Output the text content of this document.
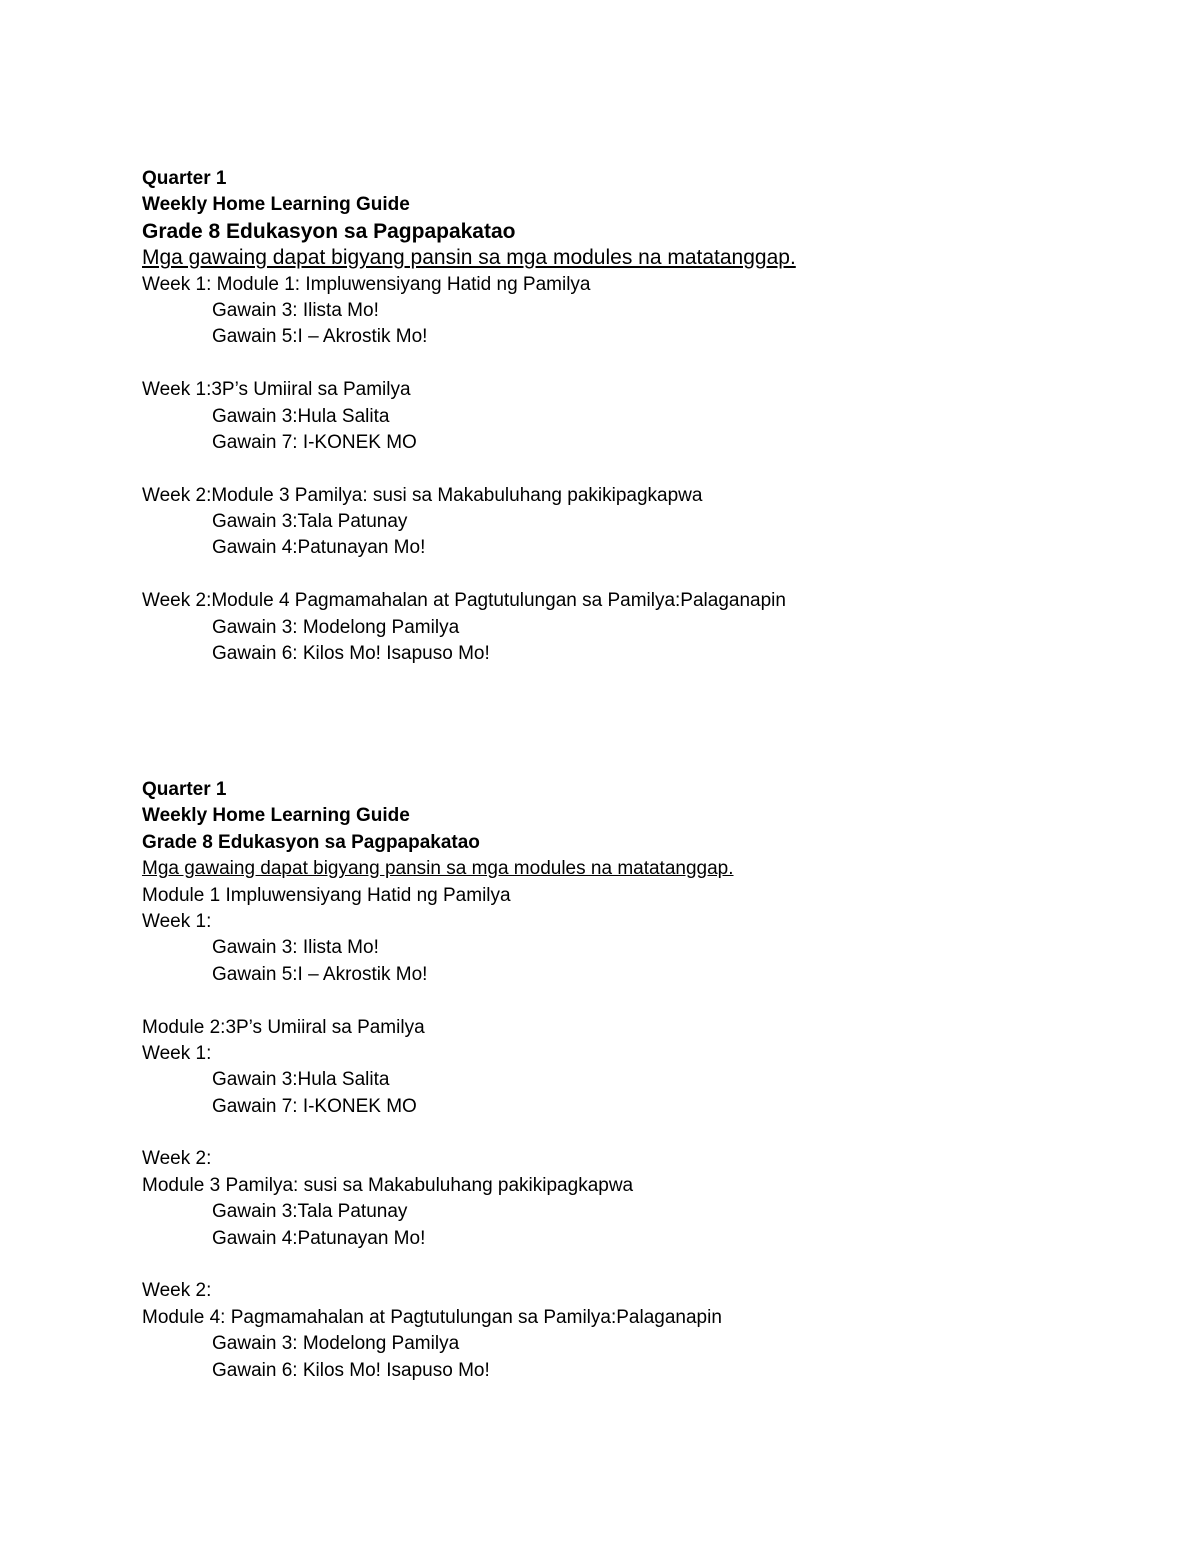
Quarter 1
Weekly Home Learning Guide
Grade 8 Edukasyon sa Pagpapakatao
Mga gawaing dapat bigyang pansin sa mga modules na matatanggap.
Week 1: Module 1: Impluwensiyang Hatid ng Pamilya
Gawain 3: Ilista Mo!
Gawain 5:I – Akrostik Mo!
Week 1:3P’s Umiiral sa Pamilya
Gawain 3:Hula Salita
Gawain 7: I-KONEK MO
Week 2:Module 3 Pamilya: susi sa Makabuluhang pakikipagkapwa
Gawain 3:Tala Patunay
Gawain 4:Patunayan Mo!
Week 2:Module 4 Pagmamahalan at Pagtutulungan sa Pamilya:Palaganapin
Gawain 3: Modelong Pamilya
Gawain 6: Kilos Mo! Isapuso Mo!
Quarter 1
Weekly Home Learning Guide
Grade 8 Edukasyon sa Pagpapakatao
Mga gawaing dapat bigyang pansin sa mga modules na matatanggap.
Module 1 Impluwensiyang Hatid ng Pamilya
Week 1:
Gawain 3: Ilista Mo!
Gawain 5:I – Akrostik Mo!
Module 2:3P’s Umiiral sa Pamilya
Week 1:
Gawain 3:Hula Salita
Gawain 7: I-KONEK MO
Week 2:
Module 3 Pamilya: susi sa Makabuluhang pakikipagkapwa
Gawain 3:Tala Patunay
Gawain 4:Patunayan Mo!
Week 2:
Module 4: Pagmamahalan at Pagtutulungan sa Pamilya:Palaganapin
Gawain 3: Modelong Pamilya
Gawain 6: Kilos Mo! Isapuso Mo!
